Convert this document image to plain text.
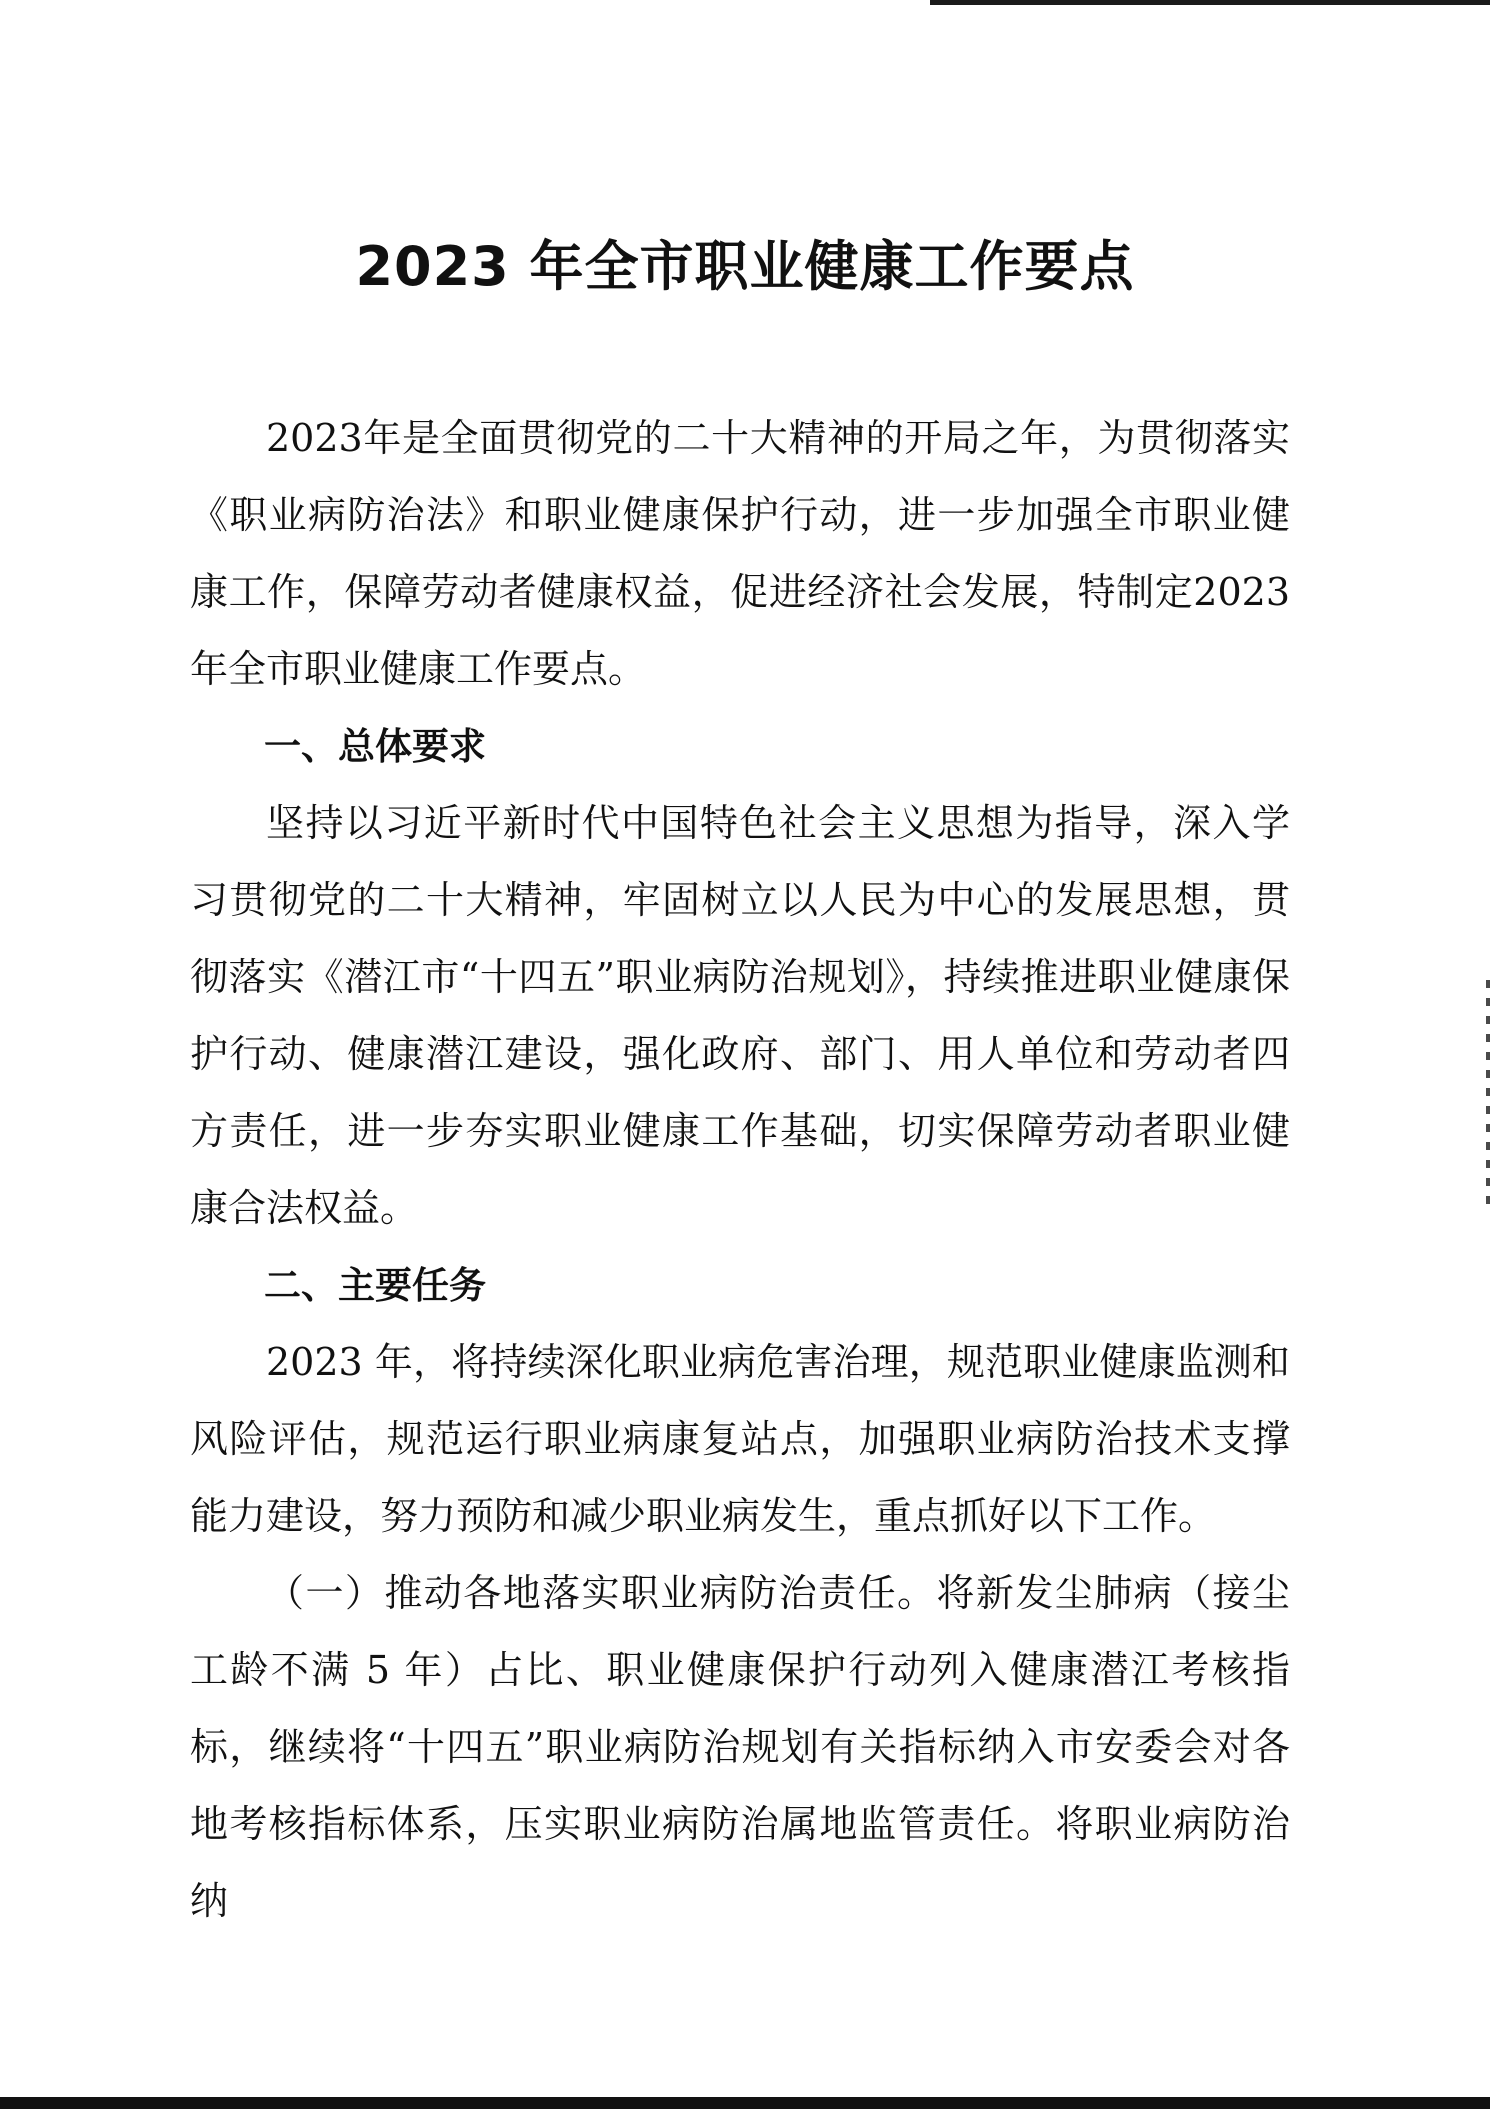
2023 年全市职业健康工作要点

2023年是全面贯彻党的二十大精神的开局之年，为贯彻落实《职业病防治法》和职业健康保护行动，进一步加强全市职业健康工作，保障劳动者健康权益，促进经济社会发展，特制定2023年全市职业健康工作要点。

一、总体要求

坚持以习近平新时代中国特色社会主义思想为指导，深入学习贯彻党的二十大精神，牢固树立以人民为中心的发展思想，贯彻落实《潜江市“十四五”职业病防治规划》，持续推进职业健康保护行动、健康潜江建设，强化政府、部门、用人单位和劳动者四方责任，进一步夯实职业健康工作基础，切实保障劳动者职业健康合法权益。

二、主要任务

2023 年，将持续深化职业病危害治理，规范职业健康监测和风险评估，规范运行职业病康复站点，加强职业病防治技术支撑能力建设，努力预防和减少职业病发生，重点抓好以下工作。

（一）推动各地落实职业病防治责任。将新发尘肺病（接尘工龄不满 5 年）占比、职业健康保护行动列入健康潜江考核指标，继续将“十四五”职业病防治规划有关指标纳入市安委会对各地考核指标体系，压实职业病防治属地监管责任。将职业病防治纳
